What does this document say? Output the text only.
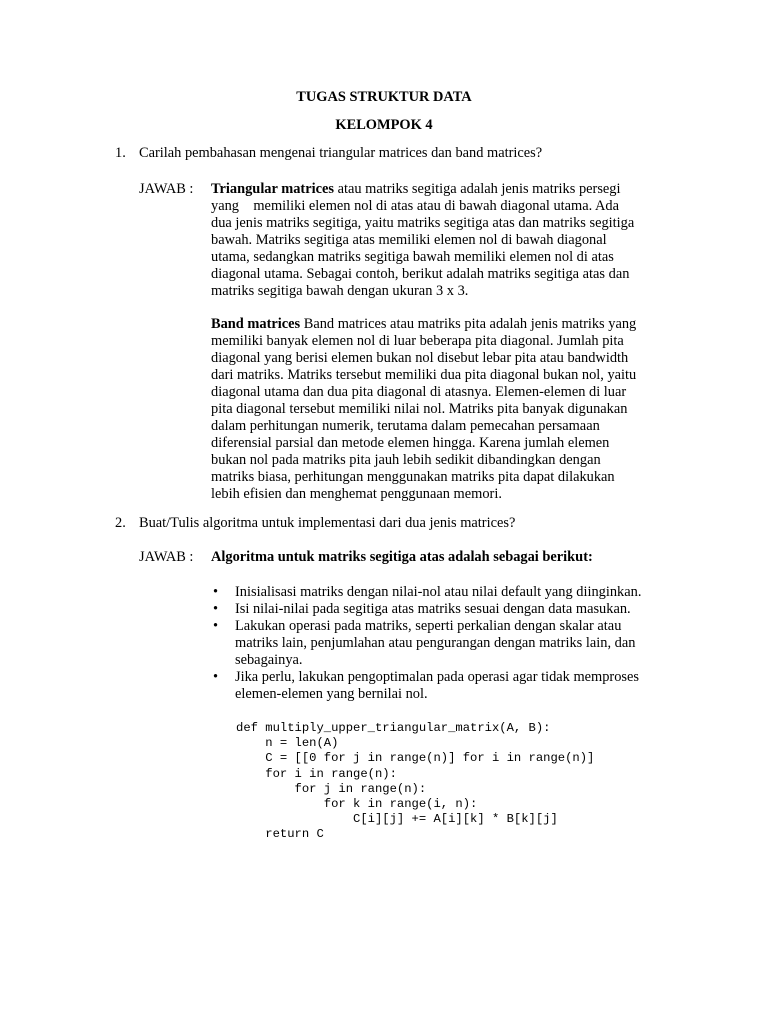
TUGAS STRUKTUR DATA
KELOMPOK 4
1. Carilah pembahasan mengenai triangular matrices dan band matrices?
JAWAB : Triangular matrices atau matriks segitiga adalah jenis matriks persegi
yang    memiliki elemen nol di atas atau di bawah diagonal utama. Ada
dua jenis matriks segitiga, yaitu matriks segitiga atas dan matriks segitiga
bawah. Matriks segitiga atas memiliki elemen nol di bawah diagonal
utama, sedangkan matriks segitiga bawah memiliki elemen nol di atas
diagonal utama. Sebagai contoh, berikut adalah matriks segitiga atas dan
matriks segitiga bawah dengan ukuran 3 x 3.
Band matrices Band matrices atau matriks pita adalah jenis matriks yang
memiliki banyak elemen nol di luar beberapa pita diagonal. Jumlah pita
diagonal yang berisi elemen bukan nol disebut lebar pita atau bandwidth
dari matriks. Matriks tersebut memiliki dua pita diagonal bukan nol, yaitu
diagonal utama dan dua pita diagonal di atasnya. Elemen-elemen di luar
pita diagonal tersebut memiliki nilai nol. Matriks pita banyak digunakan
dalam perhitungan numerik, terutama dalam pemecahan persamaan
diferensial parsial dan metode elemen hingga. Karena jumlah elemen
bukan nol pada matriks pita jauh lebih sedikit dibandingkan dengan
matriks biasa, perhitungan menggunakan matriks pita dapat dilakukan
lebih efisien dan menghemat penggunaan memori.
2. Buat/Tulis algoritma untuk implementasi dari dua jenis matrices?
JAWAB : Algoritma untuk matriks segitiga atas adalah sebagai berikut:
• Inisialisasi matriks dengan nilai-nol atau nilai default yang diinginkan.
• Isi nilai-nilai pada segitiga atas matriks sesuai dengan data masukan.
• Lakukan operasi pada matriks, seperti perkalian dengan skalar atau
matriks lain, penjumlahan atau pengurangan dengan matriks lain, dan
sebagainya.
• Jika perlu, lakukan pengoptimalan pada operasi agar tidak memproses
elemen-elemen yang bernilai nol.
def multiply_upper_triangular_matrix(A, B):
n = len(A)
C = [[0 for j in range(n)] for i in range(n)]
for i in range(n):
for j in range(n):
for k in range(i, n):
C[i][j] += A[i][k] * B[k][j]
return C
